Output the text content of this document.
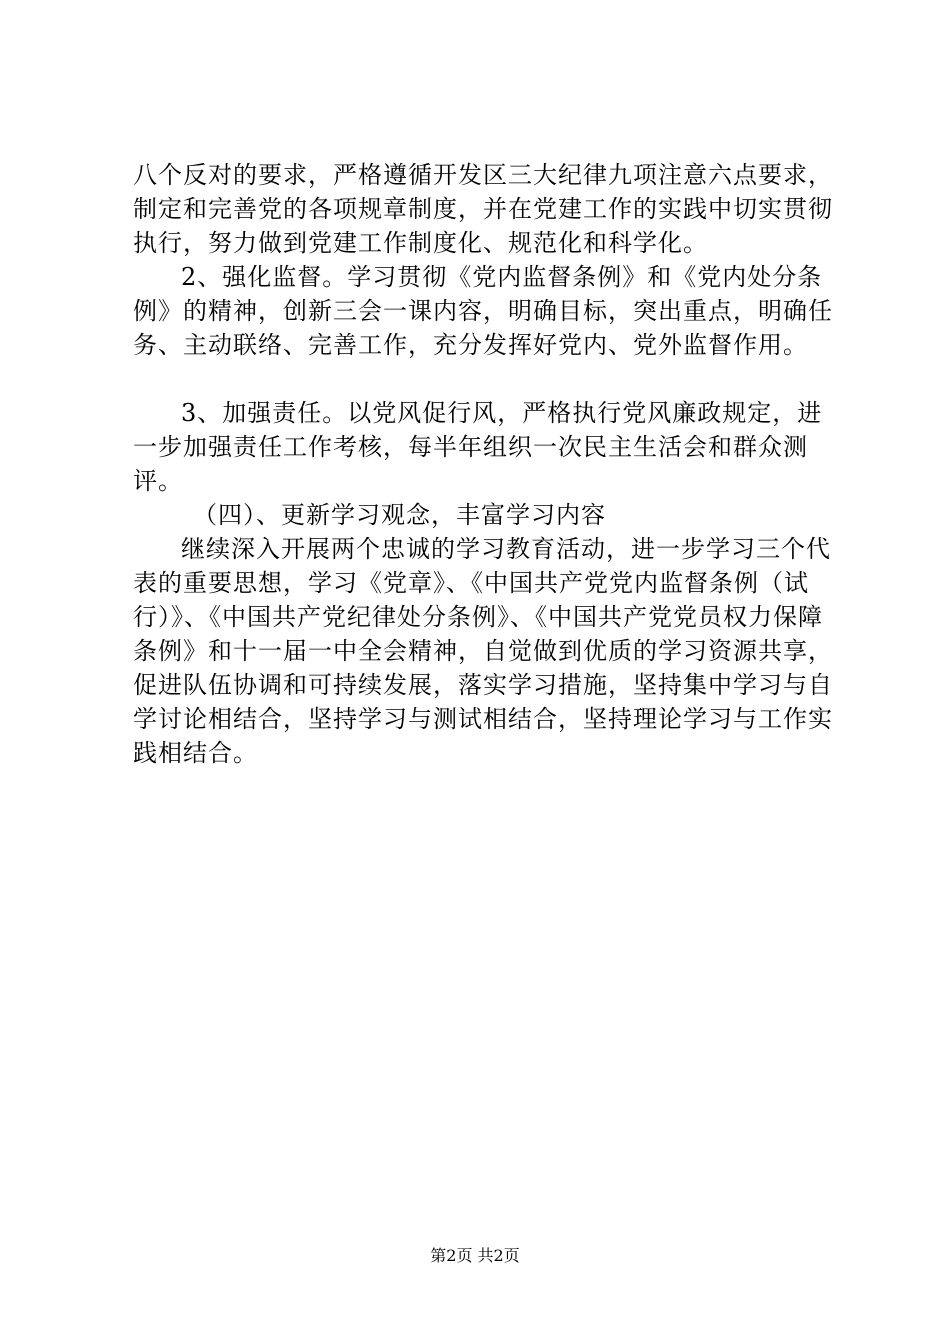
八个反对的要求，严格遵循开发区三大纪律九项注意六点要求，制定和完善党的各项规章制度，并在党建工作的实践中切实贯彻执行，努力做到党建工作制度化、规范化和科学化。

2、强化监督。学习贯彻《党内监督条例》和《党内处分条例》的精神，创新三会一课内容，明确目标，突出重点，明确任务、主动联络、完善工作，充分发挥好党内、党外监督作用。

3、加强责任。以党风促行风，严格执行党风廉政规定，进一步加强责任工作考核，每半年组织一次民主生活会和群众测评。

（四）、更新学习观念，丰富学习内容

继续深入开展两个忠诚的学习教育活动，进一步学习三个代表的重要思想，学习《党章》、《中国共产党党内监督条例（试行）》、《中国共产党纪律处分条例》、《中国共产党党员权力保障条例》和十一届一中全会精神，自觉做到优质的学习资源共享，促进队伍协调和可持续发展，落实学习措施，坚持集中学习与自学讨论相结合，坚持学习与测试相结合，坚持理论学习与工作实践相结合。

第2页 共2页
